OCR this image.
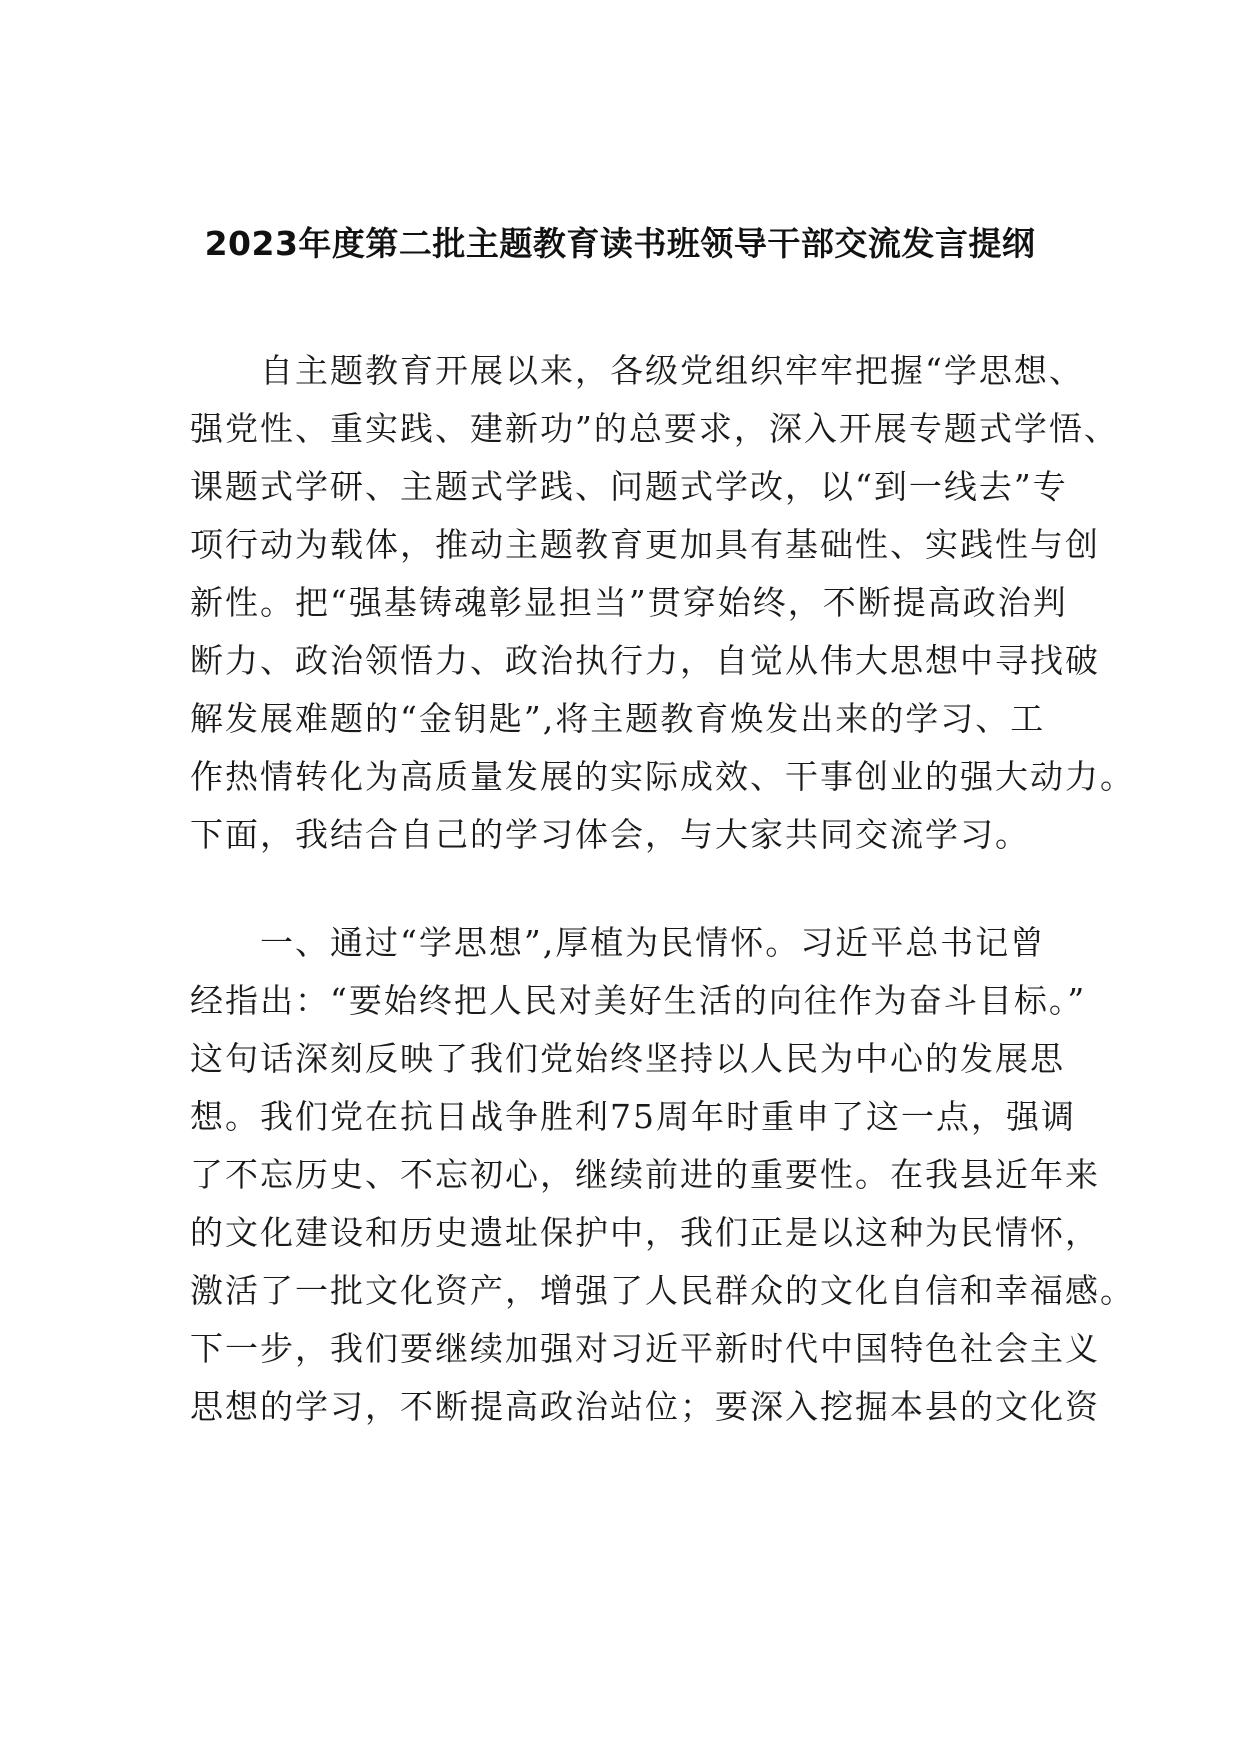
2023年度第二批主题教育读书班领导干部交流发言提纲
自主题教育开展以来，各级党组织牢牢把握“学思想、
强党性、重实践、建新功”的总要求，深入开展专题式学悟、
课题式学研、主题式学践、问题式学改，以“到一线去”专
项行动为载体，推动主题教育更加具有基础性、实践性与创
新性。把“强基铸魂彰显担当”贯穿始终，不断提高政治判
断力、政治领悟力、政治执行力，自觉从伟大思想中寻找破
解发展难题的“金钥匙”,将主题教育焕发出来的学习、工
作热情转化为高质量发展的实际成效、干事创业的强大动力。
下面，我结合自己的学习体会，与大家共同交流学习。
一、通过“学思想”,厚植为民情怀。习近平总书记曾
经指出：“要始终把人民对美好生活的向往作为奋斗目标。”
这句话深刻反映了我们党始终坚持以人民为中心的发展思
想。我们党在抗日战争胜利75周年时重申了这一点，强调
了不忘历史、不忘初心，继续前进的重要性。在我县近年来
的文化建设和历史遗址保护中，我们正是以这种为民情怀，
激活了一批文化资产，增强了人民群众的文化自信和幸福感。
下一步，我们要继续加强对习近平新时代中国特色社会主义
思想的学习，不断提高政治站位；要深入挖掘本县的文化资
